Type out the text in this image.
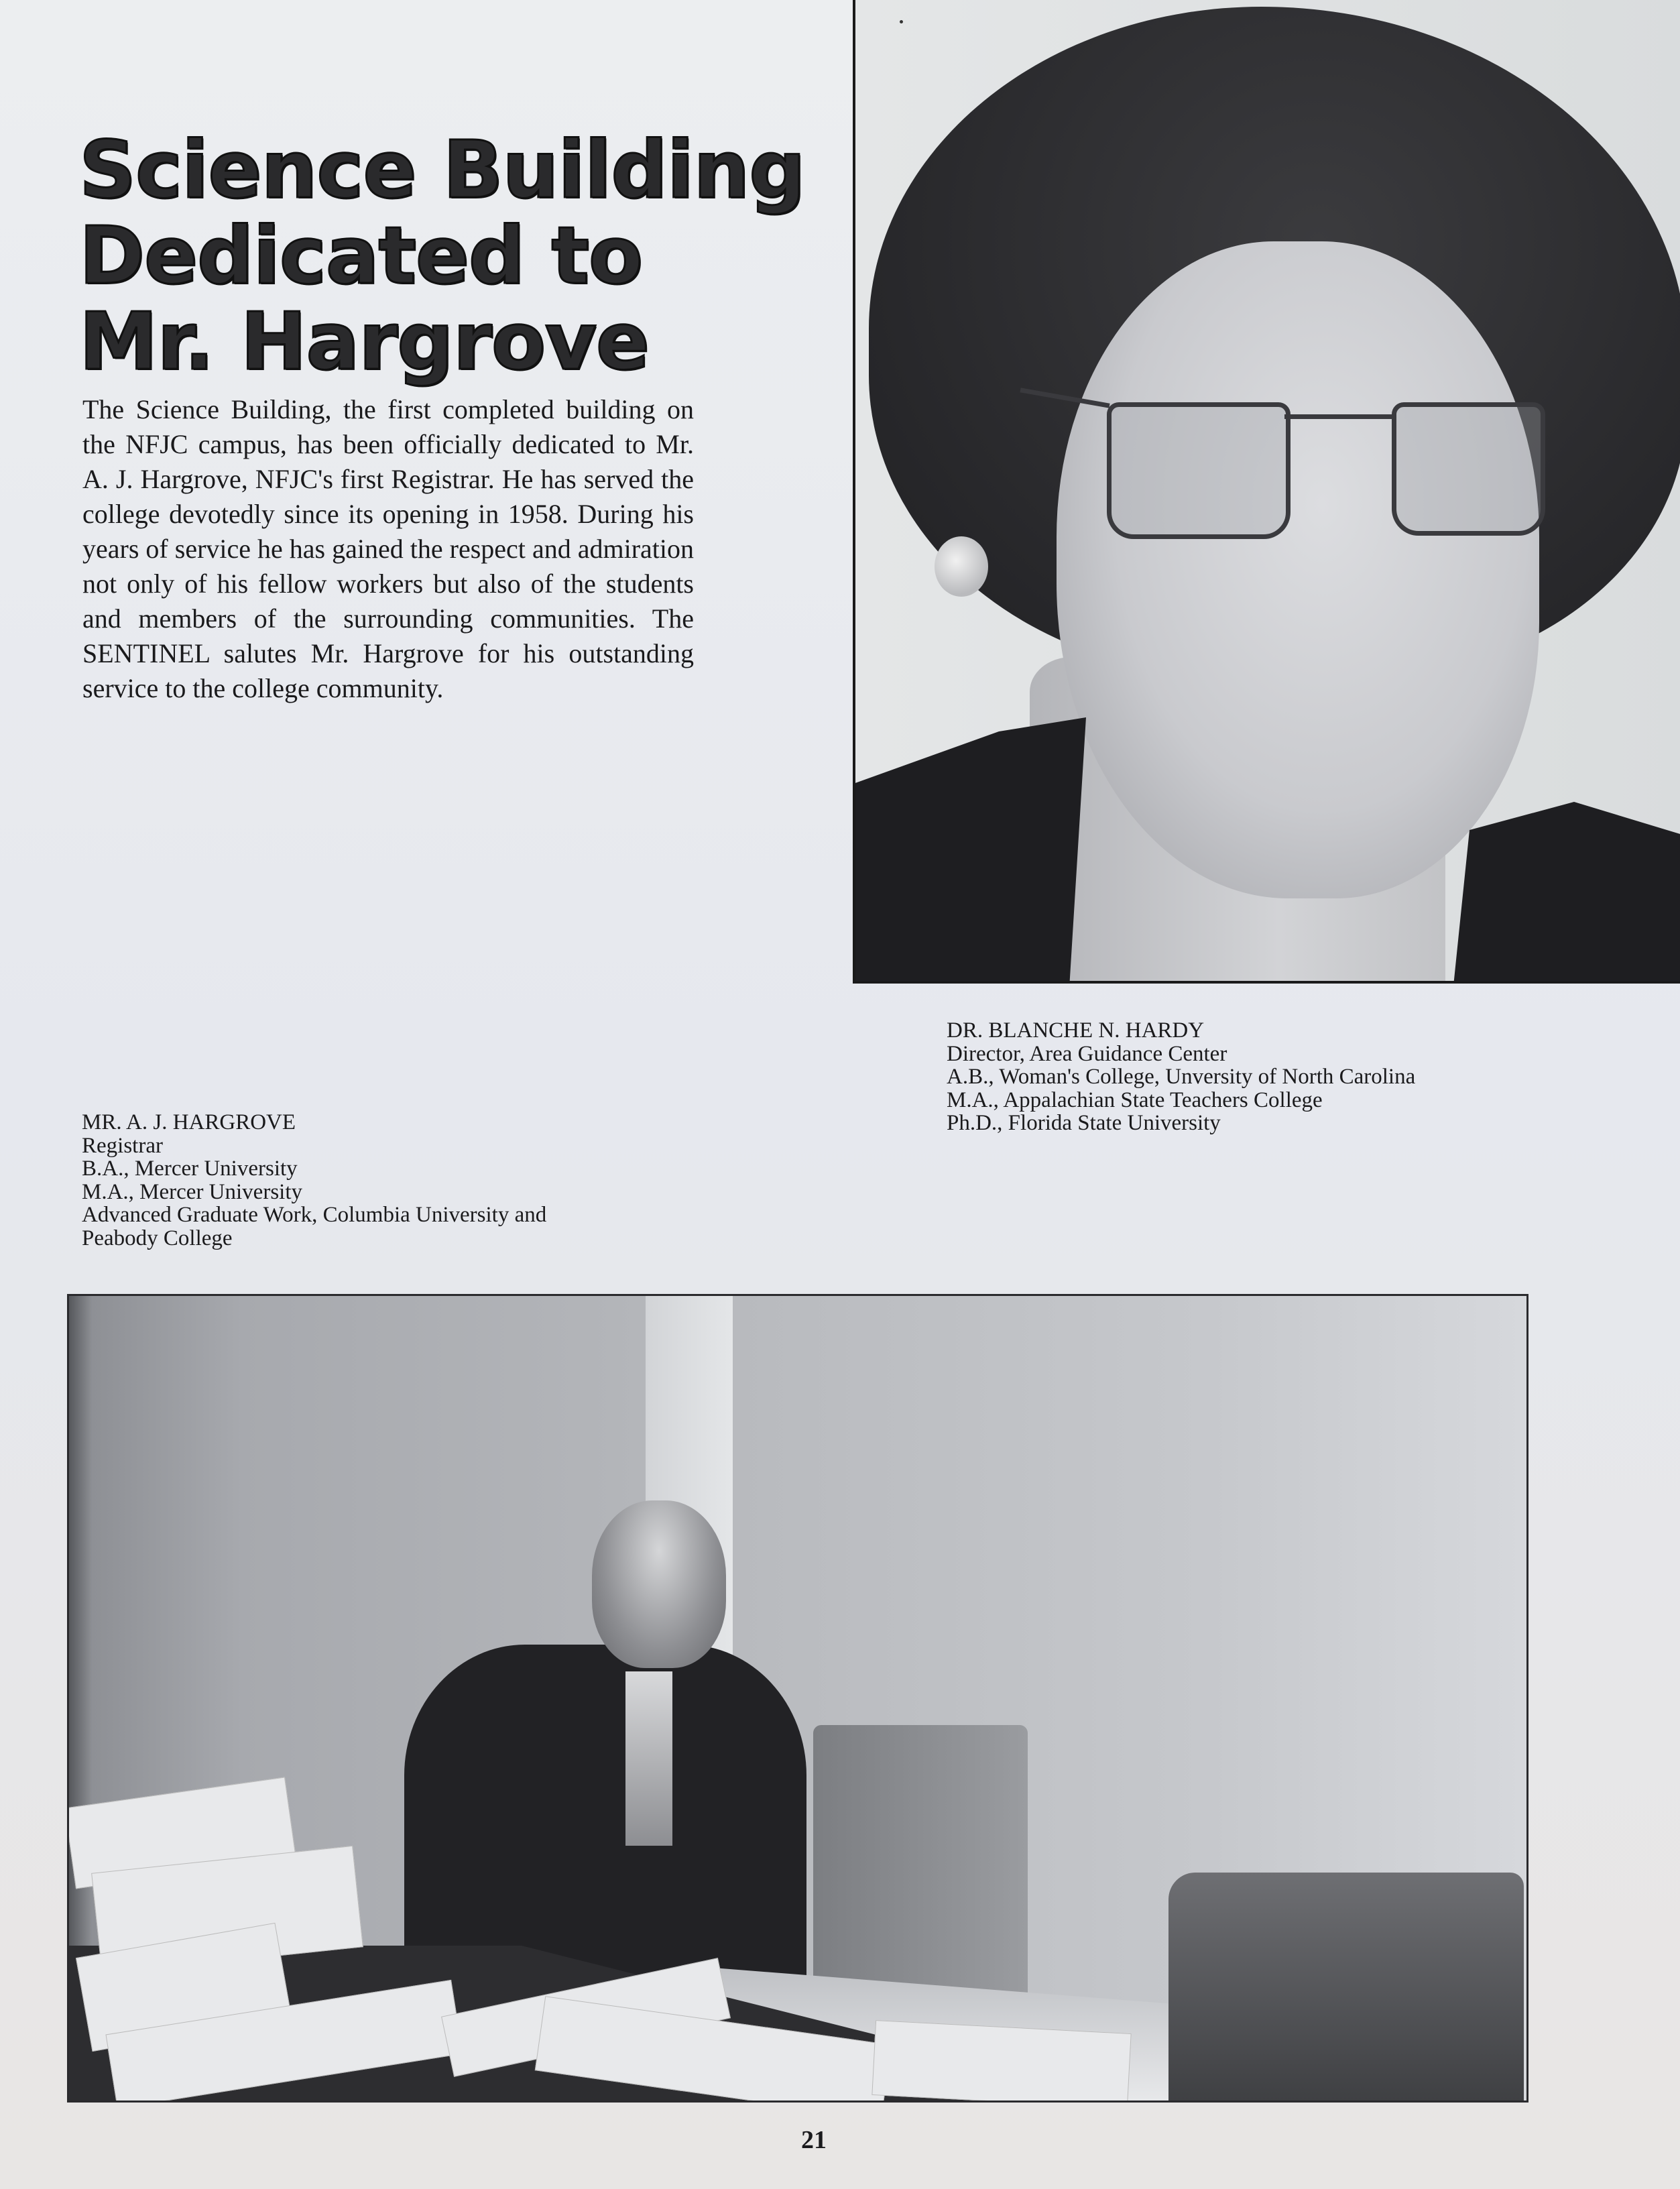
Science Building
Dedicated to
Mr. Hargrove

The Science Building, the first completed building on the NFJC campus, has been officially dedicated to Mr. A. J. Hargrove, NFJC's first Registrar. He has served the college devotedly since its opening in 1958. During his years of service he has gained the respect and admiration not only of his fellow workers but also of the students and members of the surrounding communities. The SENTINEL salutes Mr. Hargrove for his outstanding service to the college community.

DR. BLANCHE N. HARDY
Director, Area Guidance Center
A.B., Woman's College, Unversity of North Carolina
M.A., Appalachian State Teachers College
Ph.D., Florida State University
MR. A. J. HARGROVE
Registrar
B.A., Mercer University
M.A., Mercer University
Advanced Graduate Work, Columbia University and
Peabody College
21
